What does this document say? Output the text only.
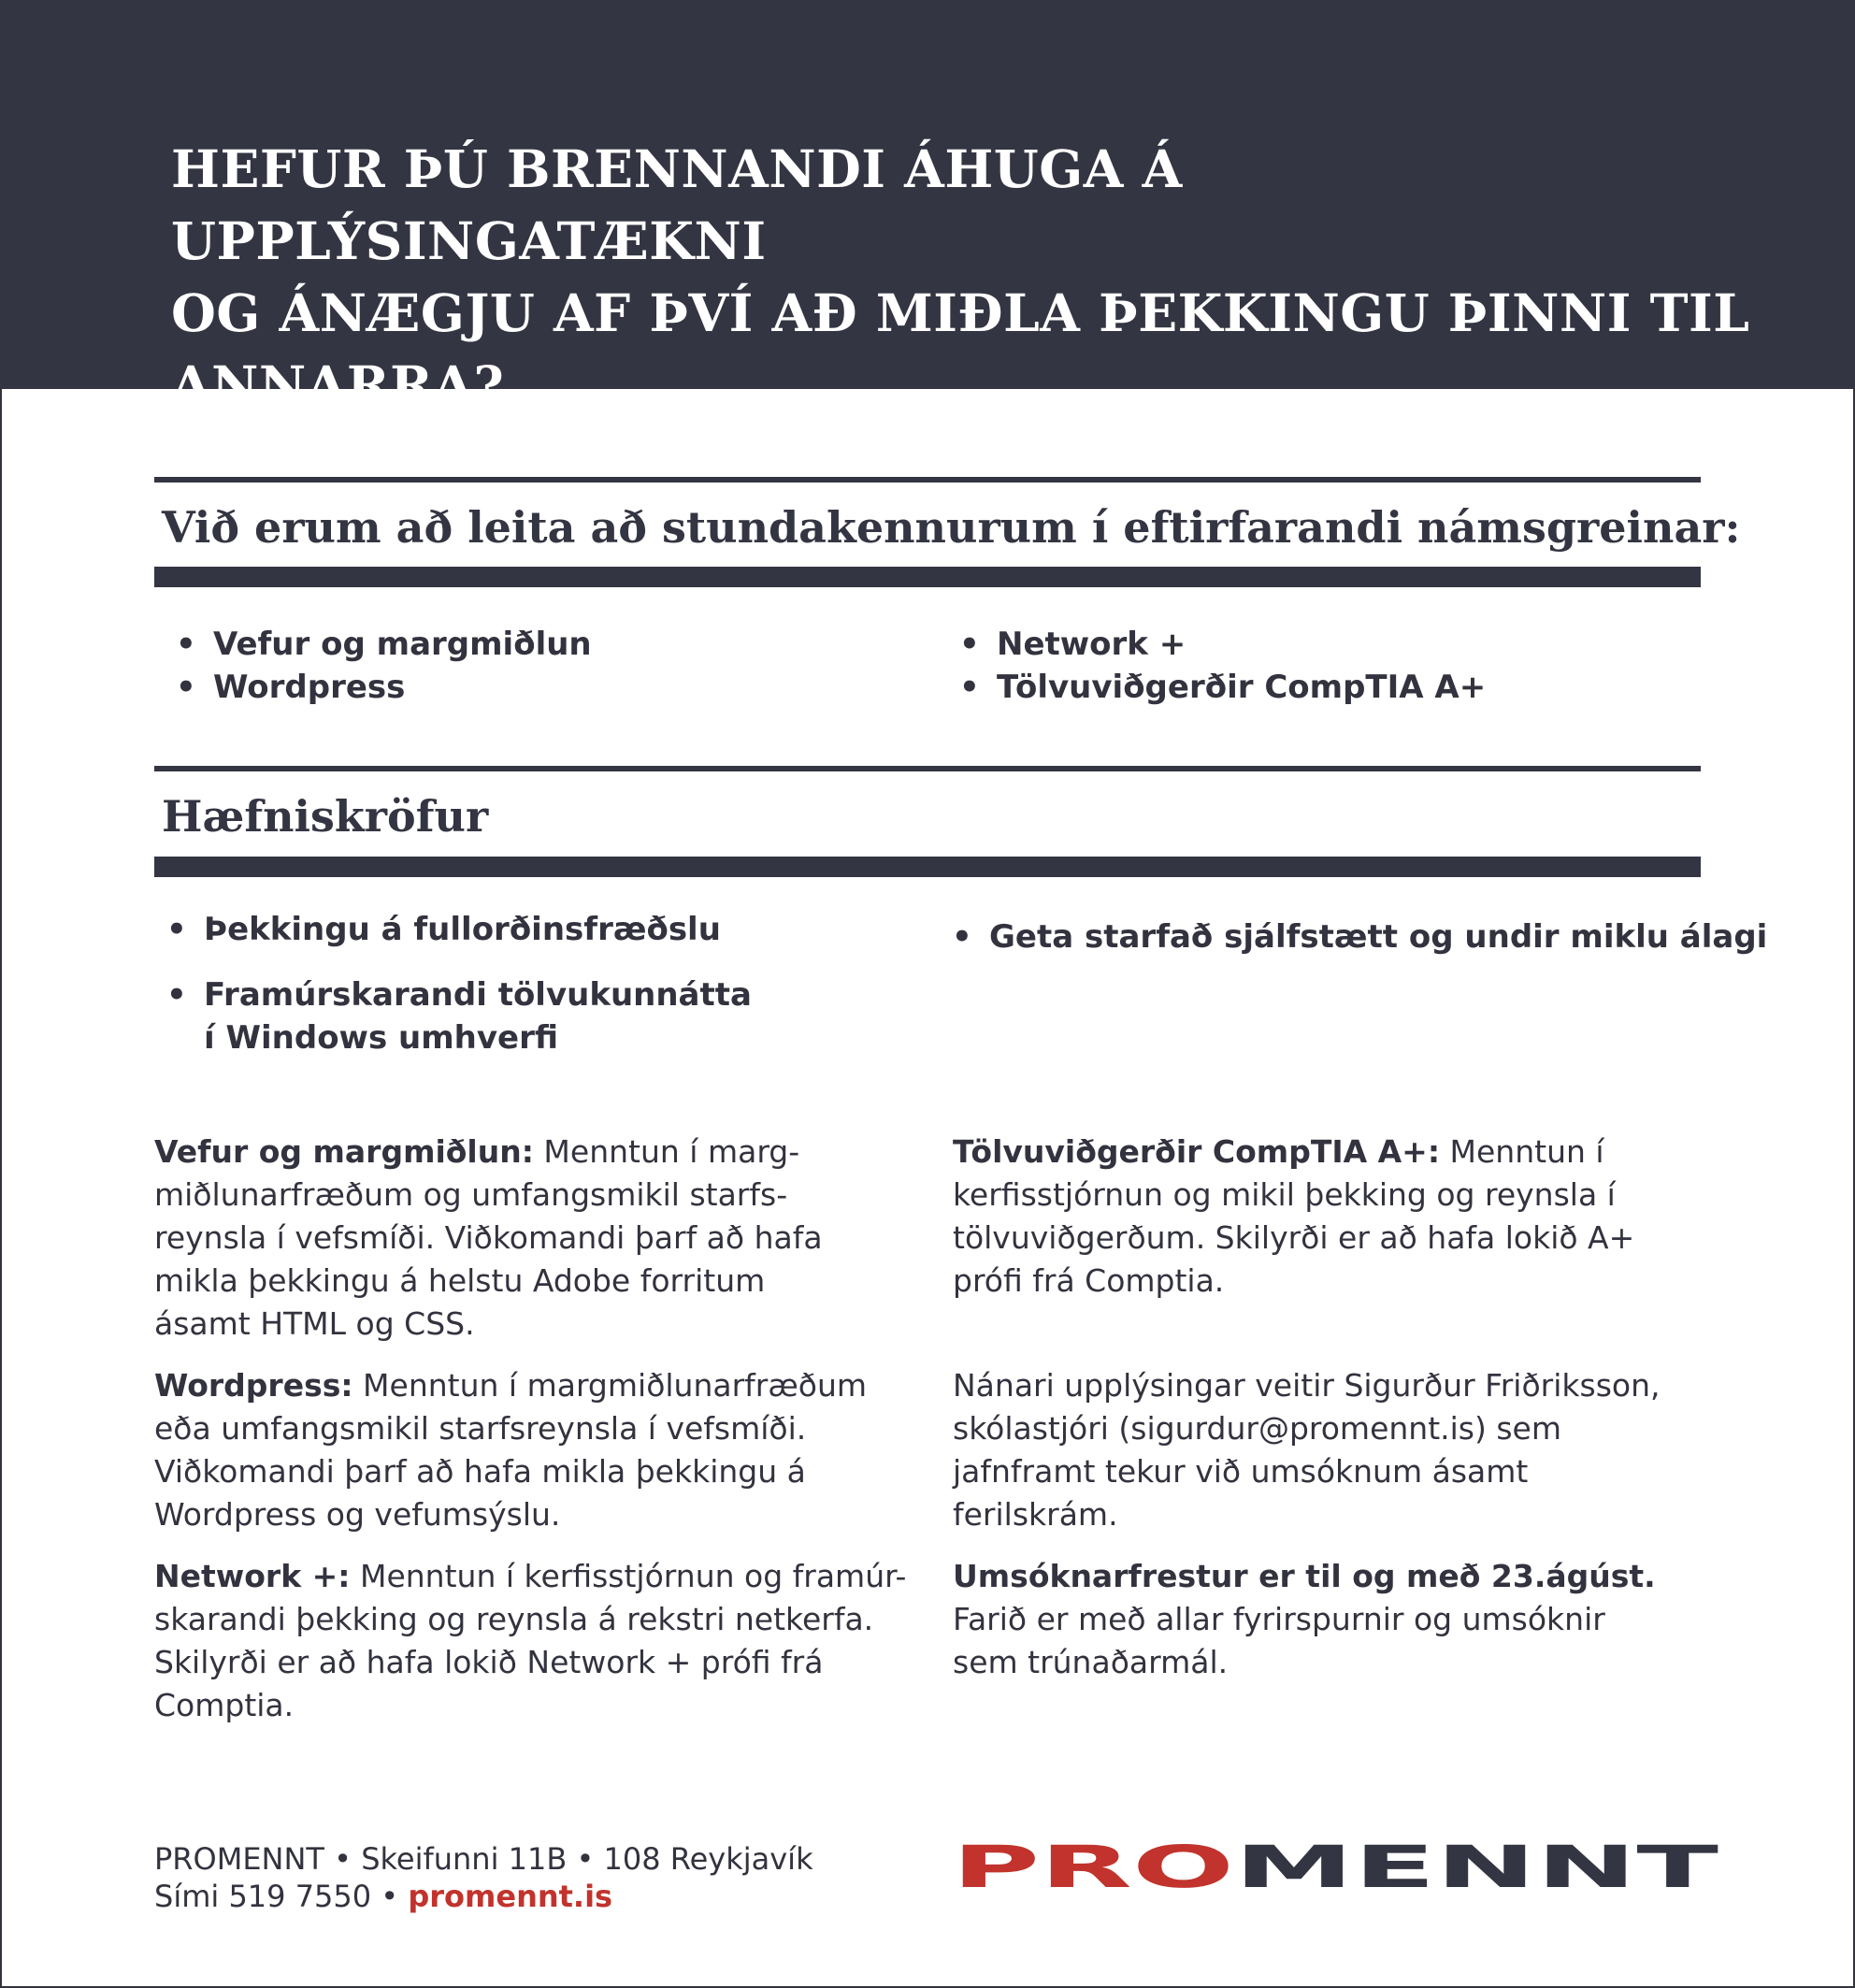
HEFUR ÞÚ BRENNANDI ÁHUGA Á UPPLÝSINGATÆKNI
OG ÁNÆGJU AF ÞVÍ AÐ MIÐLA ÞEKKINGU ÞINNI TIL
ANNARRA?
Við erum að leita að stundakennurum í eftirfarandi námsgreinar:
• Vefur og margmiðlun
• Wordpress
• Network +
• Tölvuviðgerðir CompTIA A+
Hæfniskröfur
• Þekkingu á fullorðinsfræðslu
• Framúrskarandi tölvukunnátta
í Windows umhverfi
• Geta starfað sjálfstætt og undir miklu álagi

Vefur og margmiðlun: Menntun í marg-
miðlunarfræðum og umfangsmikil starfs-
reynsla í vefsmíði. Viðkomandi þarf að hafa
mikla þekkingu á helstu Adobe forritum
ásamt HTML og CSS.

Wordpress: Menntun í margmiðlunarfræðum
eða umfangsmikil starfsreynsla í vefsmíði.
Viðkomandi þarf að hafa mikla þekkingu á
Wordpress og vefumsýslu.

Network +: Menntun í kerfisstjórnun og framúr-
skarandi þekking og reynsla á rekstri netkerfa.
Skilyrði er að hafa lokið Network + prófi frá
Comptia.

Tölvuviðgerðir CompTIA A+: Menntun í
kerfisstjórnun og mikil þekking og reynsla í
tölvuviðgerðum. Skilyrði er að hafa lokið A+
prófi frá Comptia.

Nánari upplýsingar veitir Sigurður Friðriksson,
skólastjóri (sigurdur@promennt.is) sem
jafnframt tekur við umsóknum ásamt
ferilskrám.

Umsóknarfrestur er til og með 23.ágúst.
Farið er með allar fyrirspurnir og umsóknir
sem trúnaðarmál.

PROMENNT • Skeifunni 11B • 108 Reykjavík
Sími 519 7550 • promennt.is	PRO	MENNT
